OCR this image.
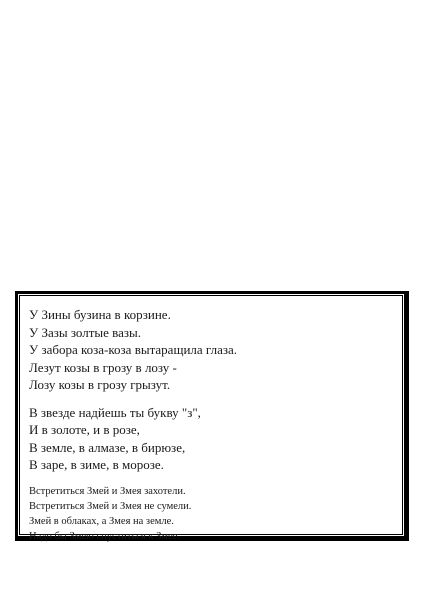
У Зины бузина в корзине.
У Зазы золтые вазы.
У забора коза-коза вытаращила глаза.
Лезут козы в грозу в лозу -
Лозу козы в грозу грызут.
В звезде надйешь ты букву "з",
И в золоте, и в розе,
В земле, в алмазе, в бирюзе,
В заре, в зиме, в морозе.
Встретиться Змей и Змея захотели.
Встретиться Змей и Змея не сумели.
Змей в облаках, а Змея на земле.
Надо бы Змею спуститься к Змее.
